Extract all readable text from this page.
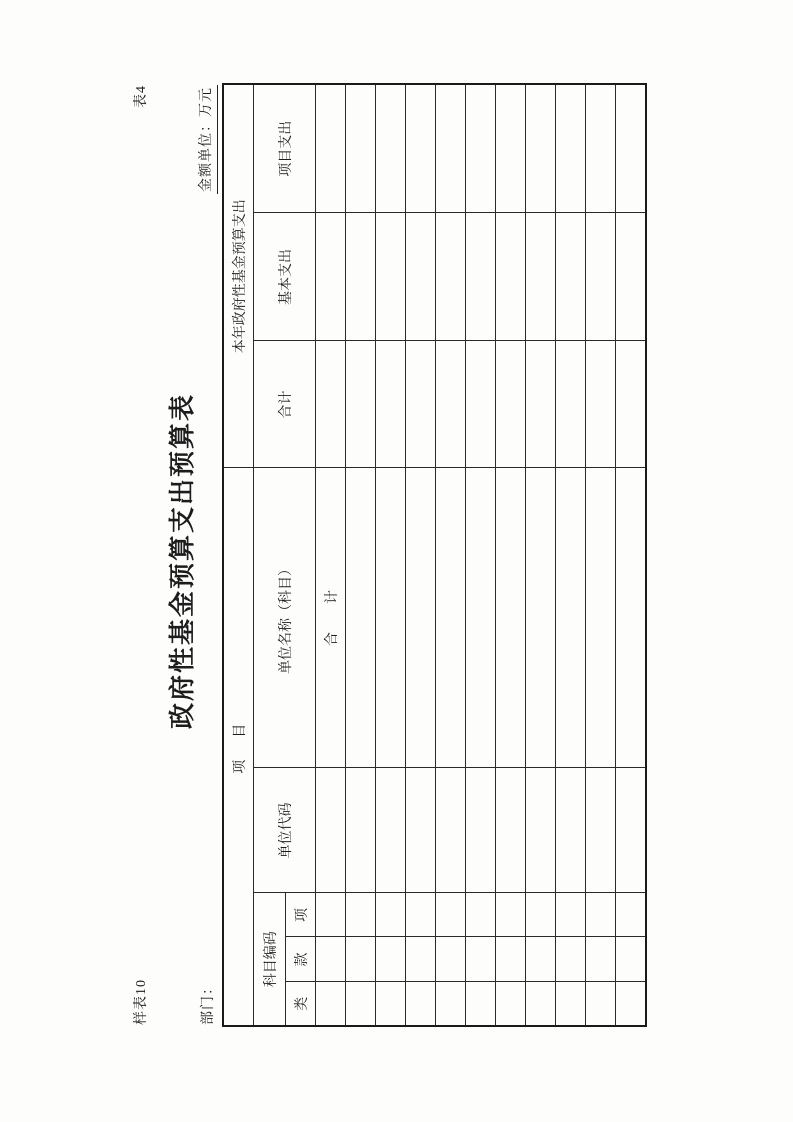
样表10
表4
政府性基金预算支出预算表
部门：
金额单位：万元
项　目					本年政府性基金预算支出		
科目编码			单位代码	单位名称（科目）	合计	基本支出	项目支出
类	款	项					
				合　　计			
